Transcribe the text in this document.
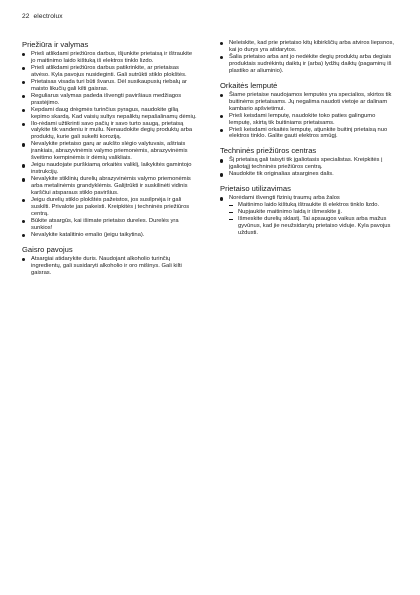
22 electrolux
Priežiūra ir valymas
Prieš atlikdami priežiūros darbus, išjunkite prietaisą ir ištraukite jo maitinimo laido kištuką iš elektros tinklo lizdo.
Prieš atlikdami priežiūros darbus patikrinkite, ar prietaisas atvėso. Kyla pavojus nusideginti. Gali sutrūkti stiklo plokštės.
Prietaisas visada turi būti švarus. Dėl susikaupusių riebalų ar maisto likučių gali kilti gaisras.
Reguliarus valymas padeda išvengti paviršiaus medžiagos prastėjimo.
Kepdami daug drėgmės turinčius pyragus, naudokite gilią kepimo skardą. Kad vaisių sultys nepaliktų nepašalinamų dėmių.
Ilo-rėdami užtikrinti savo pačių ir savo turto saugą, prietaisą valykite tik vandeniu ir muilu. Nenaudokite degių produktų arba produktų, kurie gali sukelti koroziją.
Nevalykite prietaiso garų ar aukšto slėgio valytuvais, aštriais įrankiais, abrazyvinėmis valymo priemonėmis, abrazyvinėmis šveitimo kempinėmis ir dėmių valikliais.
Jeigu naudojate purškiamą orkaitės valiklį, laikykitės gamintojo instrukcijų.
Nevalykite stiklinių durelių abrazyvinėmis valymo priemonėmis arba metalinėmis grandyklėmis. Galiįtrūkti ir suskilinėti vidinis karščiui atsparaus stiklo paviršius.
Jeigu durelių stiklo plokštės pažeistos, jos susilpnėja ir gali suskilti. Privalote jas pakeisti. Kreipkitės į techninės priežiūros centrą.
Būkite atsargūs, kai išimate prietaiso dureles. Durelės yra sunkios!
Nevalykite katalitinio emalio (jeigu taikytina).
Gaisro pavojus
Atsargiai atidarykite duris. Naudojant alkoholio turinčių ingredientų, gali susidaryti alkoholio ir oro mišinys. Gali kilti gaisras.
Neleiskite, kad prie prietaiso kitų kibirkščių arba atviros liepsnos, kai jo durys yra atidarytos.
Šalia prietaiso arba ant jo nedėkite degių produktų arba degiais produktais sudrėkintų daiktų ir (arba) lydžių daiktų (pagaminų iš plastiko ar aliuminio).
Orkaitės lemputė
Šiame prietaise naudojamos lemputės yra specialios, skirtos tik buitinėms prietaisams. Jų negalima naudoti vietoje ar dalinam kambario apšvietimui.
Prieš keisdami lemputę, naudokite toko paties galingumo lemputę, skirtą tik buitiniams prietaisams.
Prieš keisdami orkaitės lemputę, atjunkite buitinį prietaisą nuo elektros tinklo. Galite gauti elektros smūgį.
Techninės priežiūros centras
Šį prietaisą gali taisyti tik įgaliotasis specialistas. Kreipkitės į įgaliotąjį techninės priežiūros centrą.
Naudokite tik originalias atsargines dalis.
Prietaiso utilizavimas
Norėdami išvengti fizinių traumų arba žalos
Maitinimo laido kištuką ištraukite iš elektros tinklo lizdo.
Nupjaukite maitinimo laidą ir išmeskite jį.
Išmeskite durelių sklastį. Tai apsaugos vaikus arba mažus gyvūnus, kad jie neužsidarytų prietaiso viduje. Kyla pavojus uždusti.
